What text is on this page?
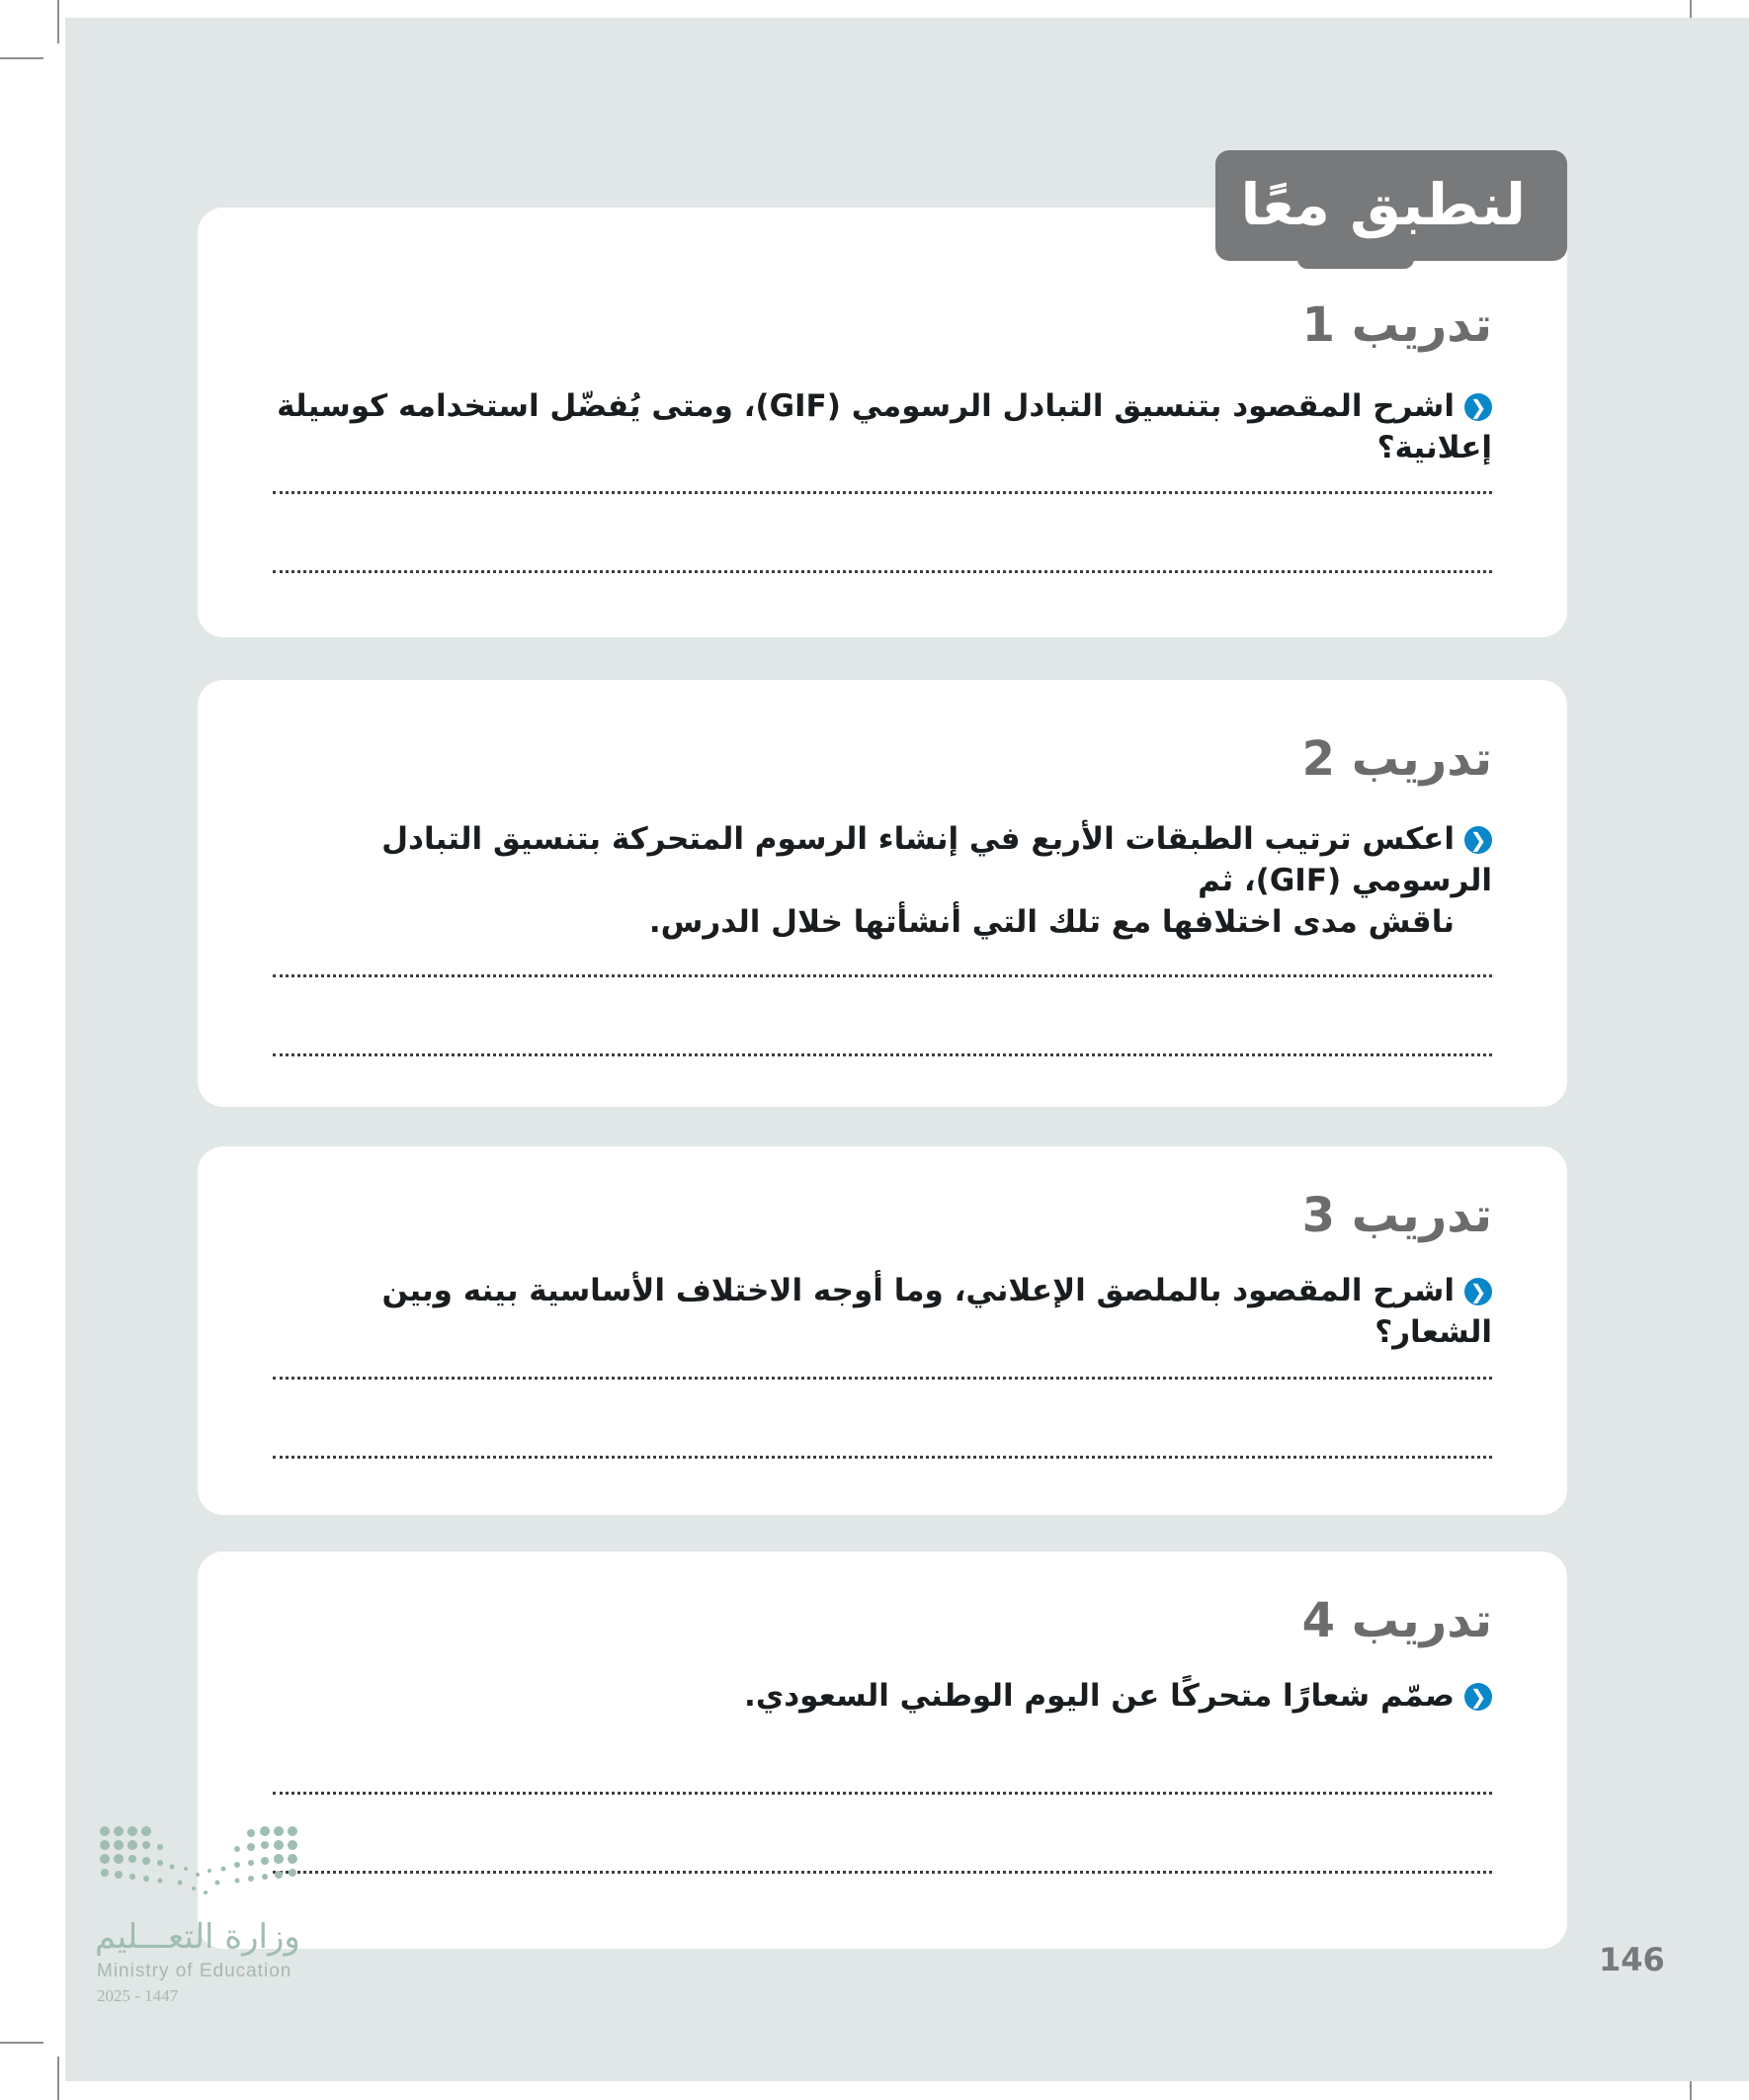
تدريب 1
❮اشرح المقصود بتنسيق التبادل الرسومي (GIF)، ومتى يُفضّل استخدامه كوسيلة إعلانية؟
لنطبق معًا
تدريب 2
❮اعكس ترتيب الطبقات الأربع في إنشاء الرسوم المتحركة بتنسيق التبادل الرسومي (GIF)، ثم
ناقش مدى اختلافها مع تلك التي أنشأتها خلال الدرس.
تدريب 3
❮اشرح المقصود بالملصق الإعلاني، وما أوجه الاختلاف الأساسية بينه وبين الشعار؟
تدريب 4
❮صمّم شعارًا متحركًا عن اليوم الوطني السعودي.
وزارة التعـــليم
Ministry of Education
2025 - 1447
146
